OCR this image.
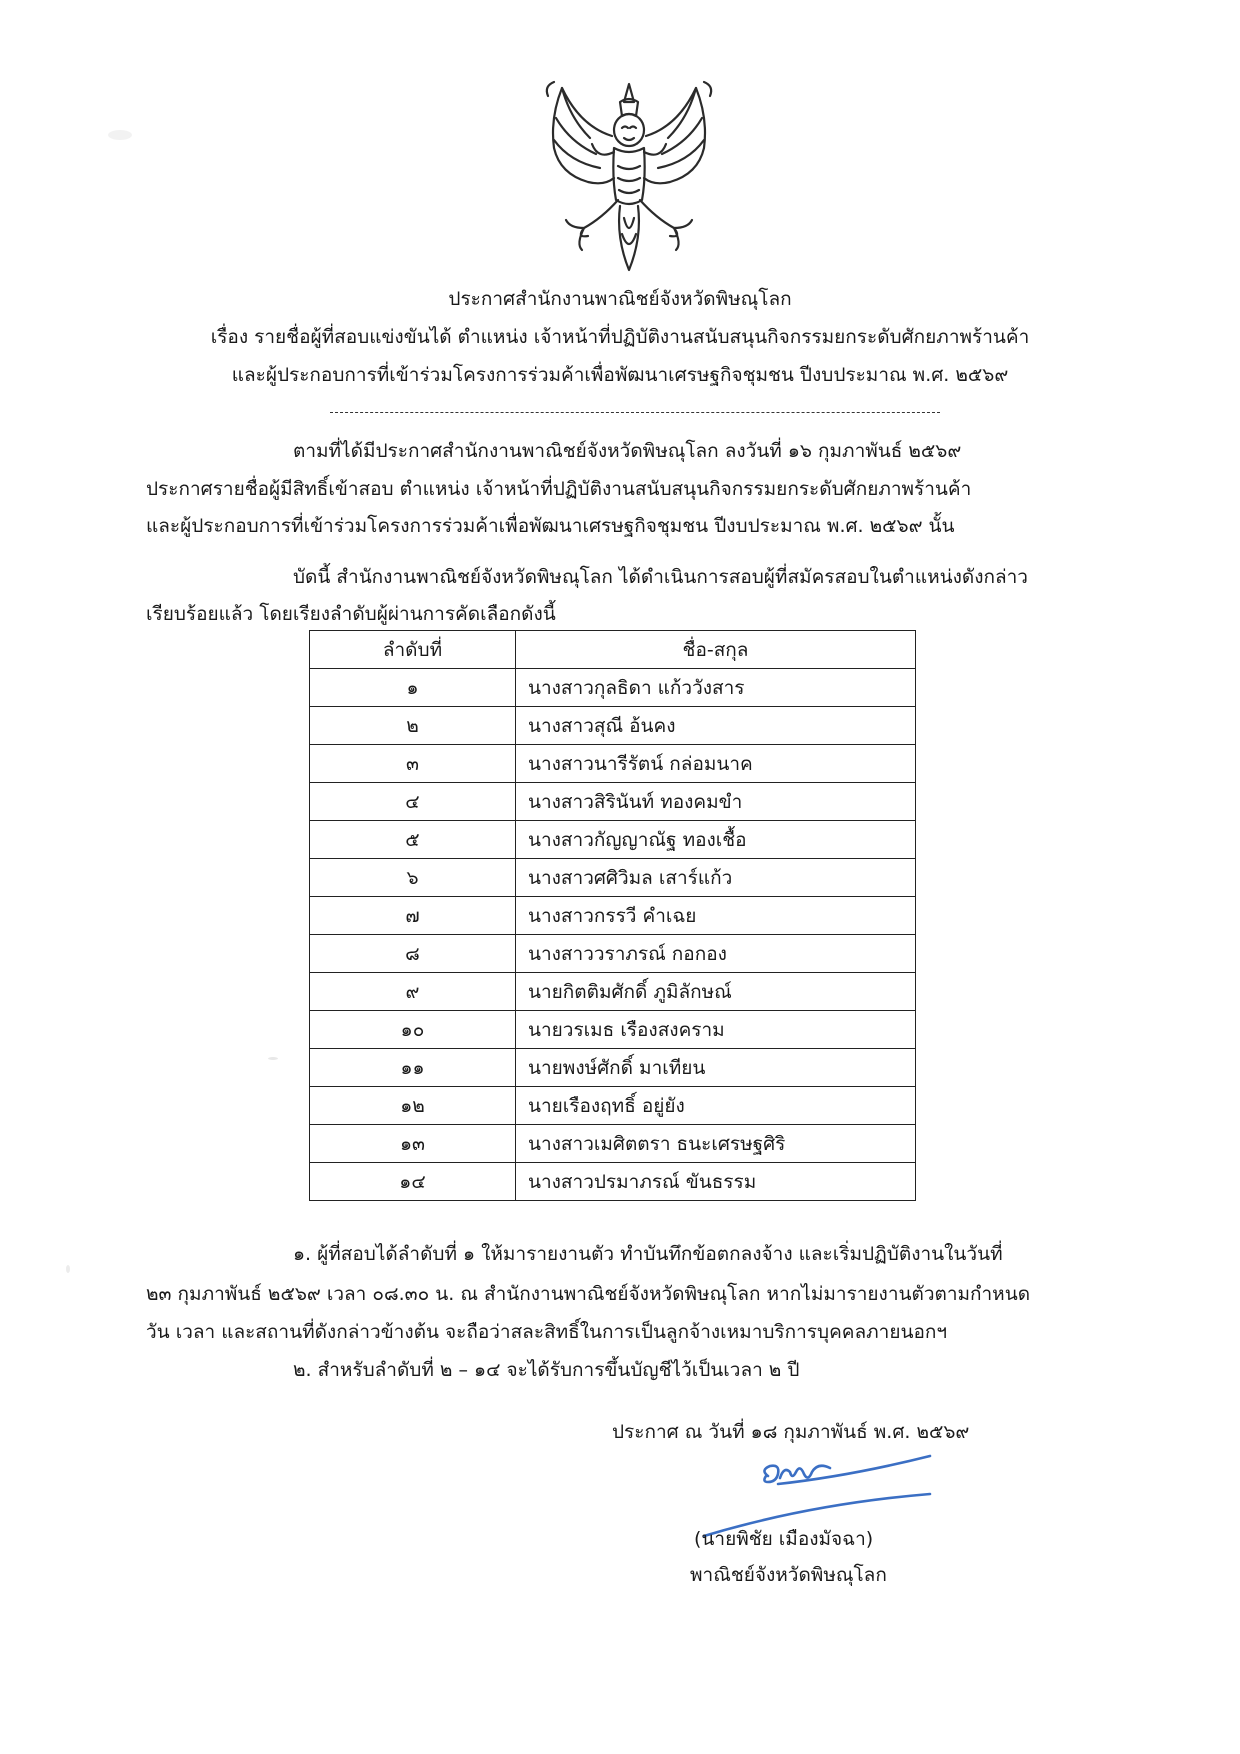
ประกาศสำนักงานพาณิชย์จังหวัดพิษณุโลก
เรื่อง รายชื่อผู้ที่สอบแข่งขันได้ ตำแหน่ง เจ้าหน้าที่ปฏิบัติงานสนับสนุนกิจกรรมยกระดับศักยภาพร้านค้า
และผู้ประกอบการที่เข้าร่วมโครงการร่วมค้าเพื่อพัฒนาเศรษฐกิจชุมชน ปีงบประมาณ พ.ศ. ๒๕๖๙
ตามที่ได้มีประกาศสำนักงานพาณิชย์จังหวัดพิษณุโลก ลงวันที่ ๑๖ กุมภาพันธ์ ๒๕๖๙
ประกาศรายชื่อผู้มีสิทธิ์เข้าสอบ ตำแหน่ง เจ้าหน้าที่ปฏิบัติงานสนับสนุนกิจกรรมยกระดับศักยภาพร้านค้า
และผู้ประกอบการที่เข้าร่วมโครงการร่วมค้าเพื่อพัฒนาเศรษฐกิจชุมชน ปีงบประมาณ พ.ศ. ๒๕๖๙ นั้น
บัดนี้ สำนักงานพาณิชย์จังหวัดพิษณุโลก ได้ดำเนินการสอบผู้ที่สมัครสอบในตำแหน่งดังกล่าว
เรียบร้อยแล้ว โดยเรียงลำดับผู้ผ่านการคัดเลือกดังนี้
ลำดับที่	ชื่อ-สกุล
๑	นางสาวกุลธิดา แก้ววังสาร
๒	นางสาวสุณี อ้นคง
๓	นางสาวนารีรัตน์ กล่อมนาค
๔	นางสาวสิรินันท์ ทองคมขำ
๕	นางสาวกัญญาณัฐ ทองเชื้อ
๖	นางสาวศศิวิมล เสาร์แก้ว
๗	นางสาวกรรวี คำเฉย
๘	นางสาววราภรณ์ กอกอง
๙	นายกิตติมศักดิ์ ภูมิลักษณ์
๑๐	นายวรเมธ เรืองสงคราม
๑๑	นายพงษ์ศักดิ์ มาเทียน
๑๒	นายเรืองฤทธิ์ อยู่ยัง
๑๓	นางสาวเมศิตตรา ธนะเศรษฐศิริ
๑๔	นางสาวปรมาภรณ์ ขันธรรม
๑. ผู้ที่สอบได้ลำดับที่ ๑ ให้มารายงานตัว ทำบันทึกข้อตกลงจ้าง และเริ่มปฏิบัติงานในวันที่
๒๓ กุมภาพันธ์ ๒๕๖๙ เวลา ๐๘.๓๐ น. ณ สำนักงานพาณิชย์จังหวัดพิษณุโลก หากไม่มารายงานตัวตามกำหนด
วัน เวลา และสถานที่ดังกล่าวข้างต้น จะถือว่าสละสิทธิ์ในการเป็นลูกจ้างเหมาบริการบุคคลภายนอกฯ
๒. สำหรับลำดับที่ ๒ – ๑๔ จะได้รับการขึ้นบัญชีไว้เป็นเวลา ๒ ปี
ประกาศ ณ วันที่ ๑๘ กุมภาพันธ์ พ.ศ. ๒๕๖๙
(นายพิชัย เมืองมัจฉา)
พาณิชย์จังหวัดพิษณุโลก
